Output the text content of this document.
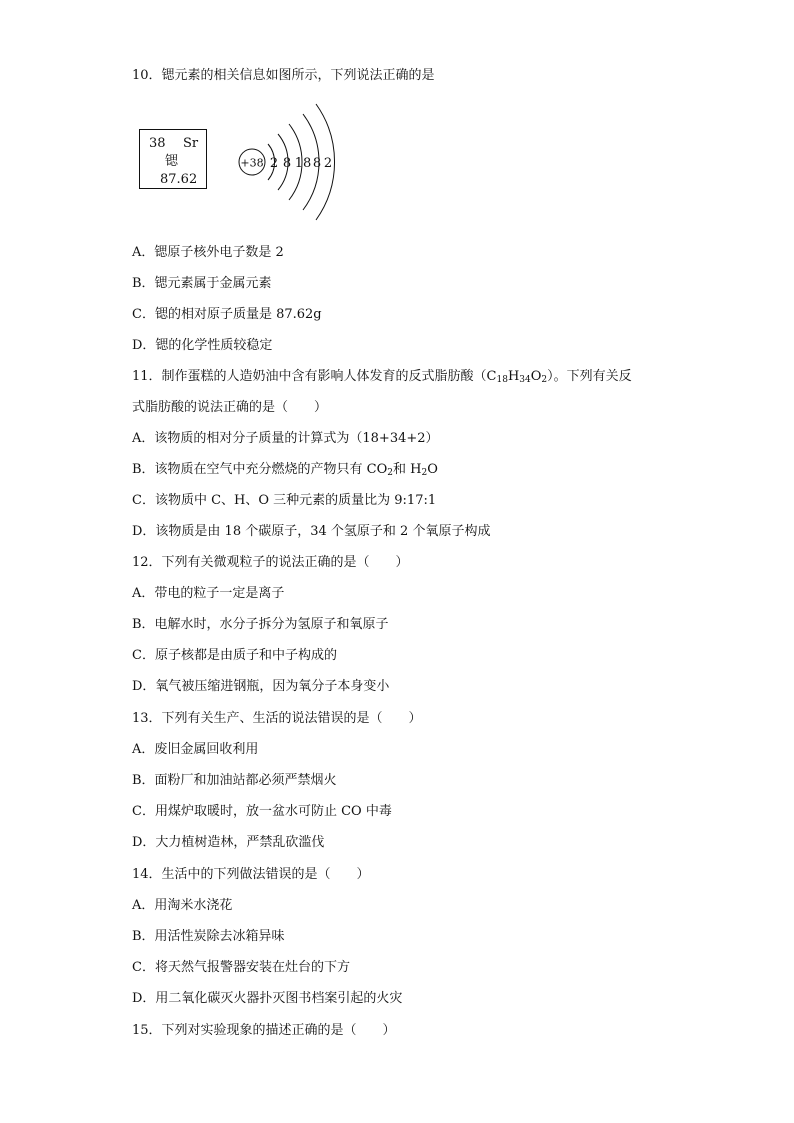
10．锶元素的相关信息如图所示，下列说法正确的是
38 Sr
锶
87.62
+38 2 8 18 8 2
A．锶原子核外电子数是 2
B．锶元素属于金属元素
C．锶的相对原子质量是 87.62g
D．锶的化学性质较稳定
11．制作蛋糕的人造奶油中含有影响人体发育的反式脂肪酸$(C_{18}H_{34}O_2)$。下列有关反
式脂肪酸的说法正确的是（　　）
A．该物质的相对分子质量的计算式为（18+34+2）
B．该物质在空气中充分燃烧的产物只有 $CO_2$和 $H_2O$
C．该物质中 C、H、O 三种元素的质量比为 9:17:1
D．该物质是由 18 个碳原子，34 个氢原子和 2 个氧原子构成
12．下列有关微观粒子的说法正确的是（　　）
A．带电的粒子一定是离子
B．电解水时，水分子拆分为氢原子和氧原子
C．原子核都是由质子和中子构成的
D．氧气被压缩进钢瓶，因为氧分子本身变小
13．下列有关生产、生活的说法错误的是（　　）
A．废旧金属回收利用
B．面粉厂和加油站都必须严禁烟火
C．用煤炉取暖时，放一盆水可防止 CO 中毒
D．大力植树造林，严禁乱砍滥伐
14．生活中的下列做法错误的是（　　）
A．用淘米水浇花
B．用活性炭除去冰箱异味
C．将天然气报警器安装在灶台的下方
D．用二氧化碳灭火器扑灭图书档案引起的火灾
15．下列对实验现象的描述正确的是（　　）
